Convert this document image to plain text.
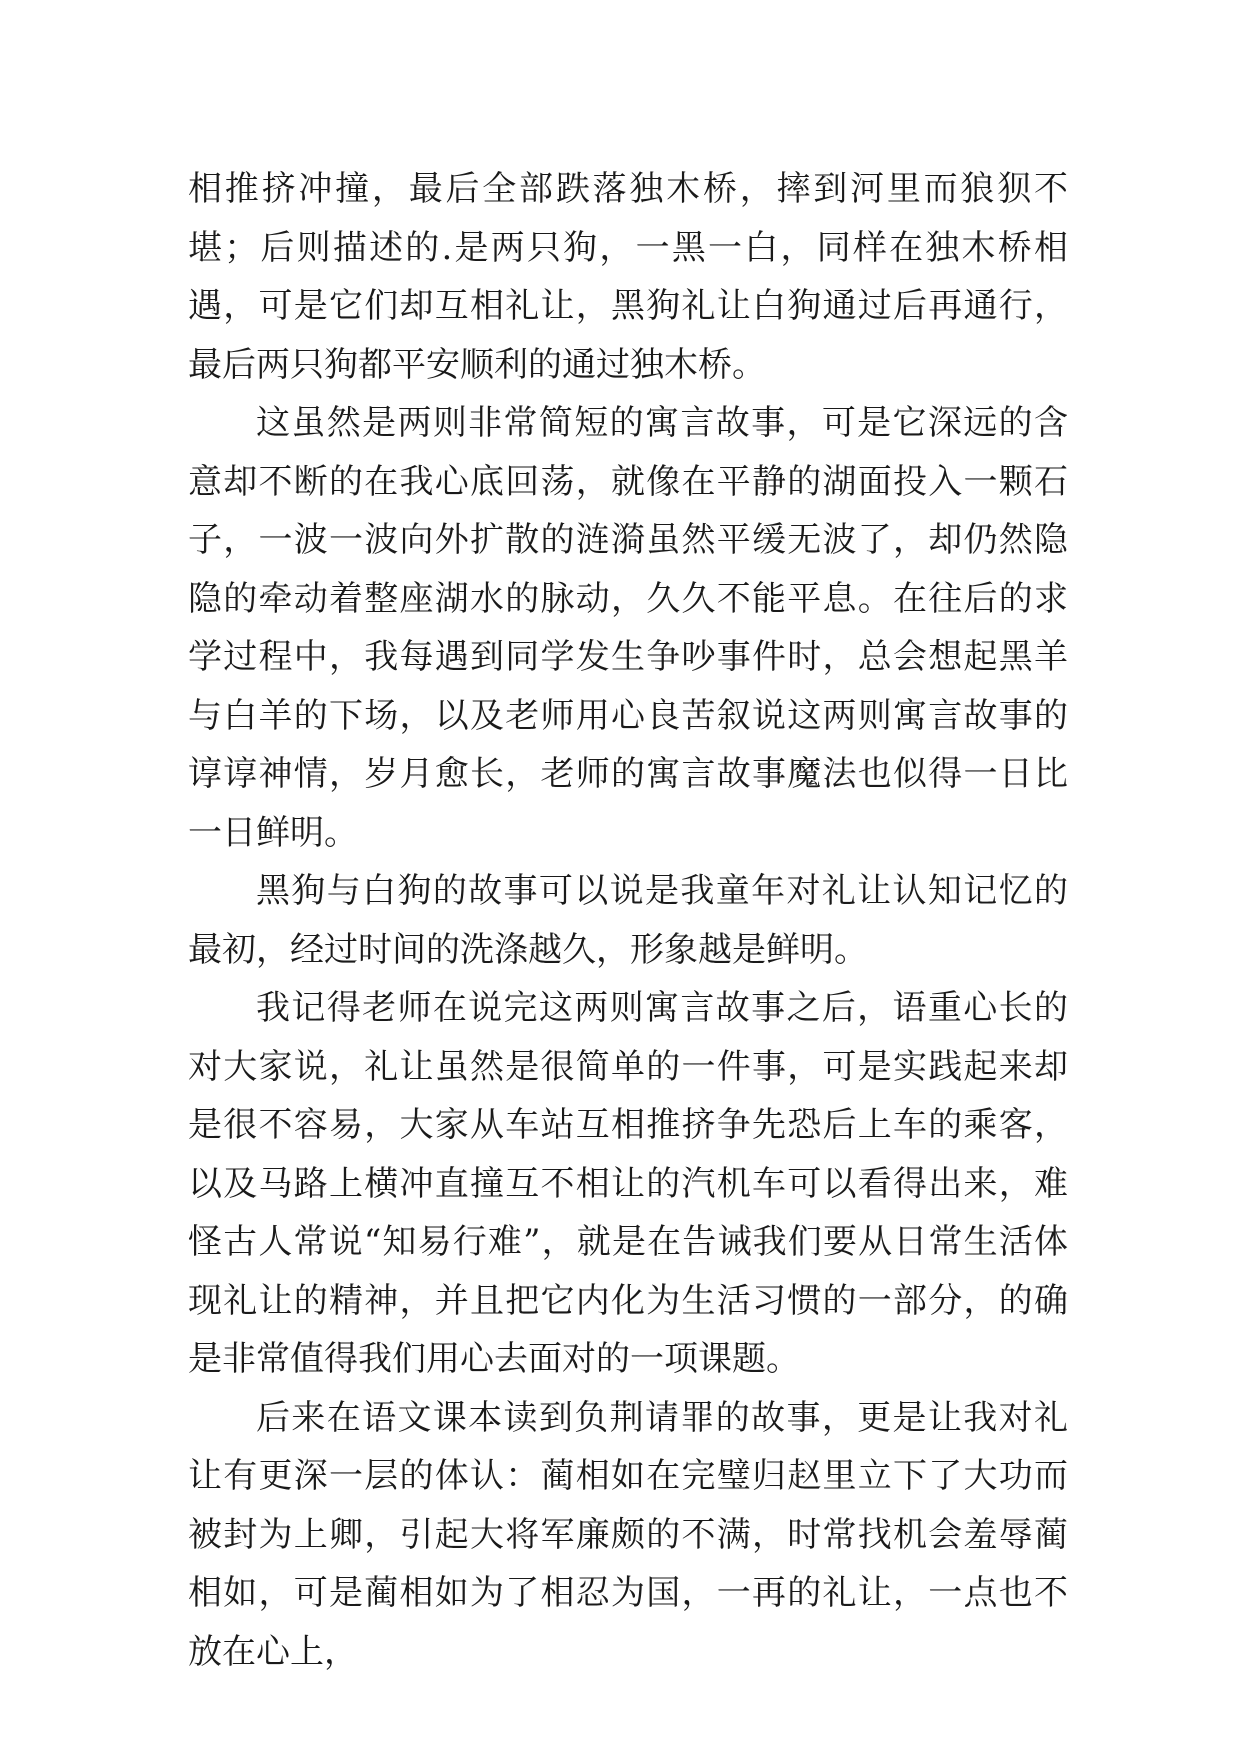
相推挤冲撞，最后全部跌落独木桥，摔到河里而狼狈不堪；后则描述的.是两只狗，一黑一白，同样在独木桥相遇，可是它们却互相礼让，黑狗礼让白狗通过后再通行，最后两只狗都平安顺利的通过独木桥。

这虽然是两则非常简短的寓言故事，可是它深远的含意却不断的在我心底回荡，就像在平静的湖面投入一颗石子，一波一波向外扩散的涟漪虽然平缓无波了，却仍然隐隐的牵动着整座湖水的脉动，久久不能平息。在往后的求学过程中，我每遇到同学发生争吵事件时，总会想起黑羊与白羊的下场，以及老师用心良苦叙说这两则寓言故事的谆谆神情，岁月愈长，老师的寓言故事魔法也似得一日比一日鲜明。

黑狗与白狗的故事可以说是我童年对礼让认知记忆的最初，经过时间的洗涤越久，形象越是鲜明。

我记得老师在说完这两则寓言故事之后，语重心长的对大家说，礼让虽然是很简单的一件事，可是实践起来却是很不容易，大家从车站互相推挤争先恐后上车的乘客，以及马路上横冲直撞互不相让的汽机车可以看得出来，难怪古人常说“知易行难”，就是在告诫我们要从日常生活体现礼让的精神，并且把它内化为生活习惯的一部分，的确是非常值得我们用心去面对的一项课题。

后来在语文课本读到负荆请罪的故事，更是让我对礼让有更深一层的体认：蔺相如在完璧归赵里立下了大功而被封为上卿，引起大将军廉颇的不满，时常找机会羞辱蔺相如，可是蔺相如为了相忍为国，一再的礼让，一点也不放在心上，
